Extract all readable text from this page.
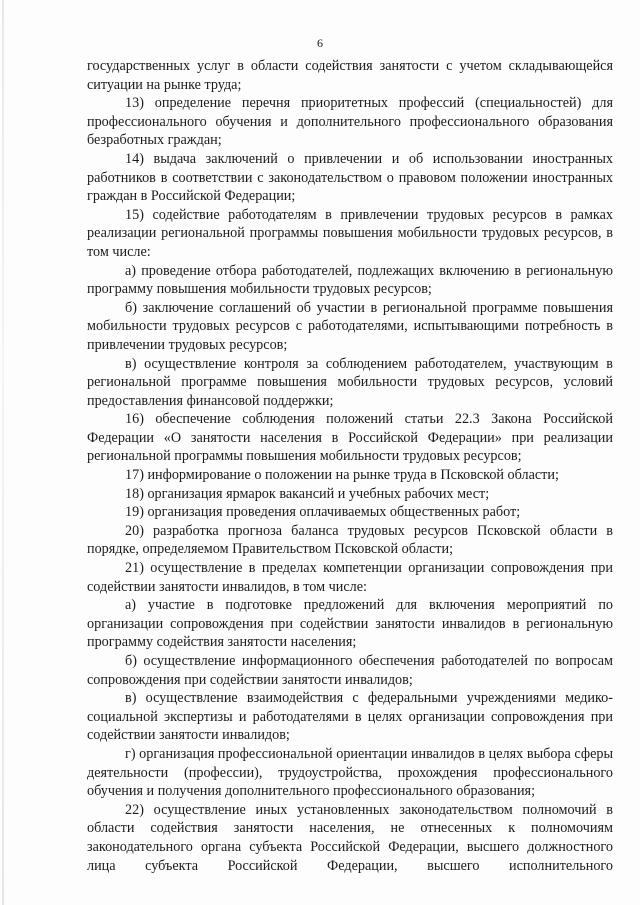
6

государственных услуг в области содействия занятости с учетом складывающейся ситуации на рынке труда;

13) определение перечня приоритетных профессий (специальностей) для профессионального обучения и дополнительного профессионального образования безработных граждан;

14) выдача заключений о привлечении и об использовании иностранных работников в соответствии с законодательством о правовом положении иностранных граждан в Российской Федерации;

15) содействие работодателям в привлечении трудовых ресурсов в рамках реализации региональной программы повышения мобильности трудовых ресурсов, в том числе:

а) проведение отбора работодателей, подлежащих включению в региональную программу повышения мобильности трудовых ресурсов;

б) заключение соглашений об участии в региональной программе повышения мобильности трудовых ресурсов с работодателями, испытывающими потребность в привлечении трудовых ресурсов;

в) осуществление контроля за соблюдением работодателем, участвующим в региональной программе повышения мобильности трудовых ресурсов, условий предоставления финансовой поддержки;

16) обеспечение соблюдения положений статьи 22.3 Закона Российской Федерации «О занятости населения в Российской Федерации» при реализации региональной программы повышения мобильности трудовых ресурсов;

17) информирование о положении на рынке труда в Псковской области;

18) организация ярмарок вакансий и учебных рабочих мест;

19) организация проведения оплачиваемых общественных работ;

20) разработка прогноза баланса трудовых ресурсов Псковской области в порядке, определяемом Правительством Псковской области;

21) осуществление в пределах компетенции организации сопровождения при содействии занятости инвалидов, в том числе:

а) участие в подготовке предложений для включения мероприятий по организации сопровождения при содействии занятости инвалидов в региональную программу содействия занятости населения;

б) осуществление информационного обеспечения работодателей по вопросам сопровождения при содействии занятости инвалидов;

в) осуществление взаимодействия с федеральными учреждениями медико-социальной экспертизы и работодателями в целях организации сопровождения при содействии занятости инвалидов;

г) организация профессиональной ориентации инвалидов в целях выбора сферы деятельности (профессии), трудоустройства, прохождения профессионального обучения и получения дополнительного профессионального образования;

22) осуществление иных установленных законодательством полномочий в области содействия занятости населения, не отнесенных к полномочиям законодательного органа субъекта Российской Федерации, высшего должностного лица субъекта Российской Федерации, высшего исполнительного
